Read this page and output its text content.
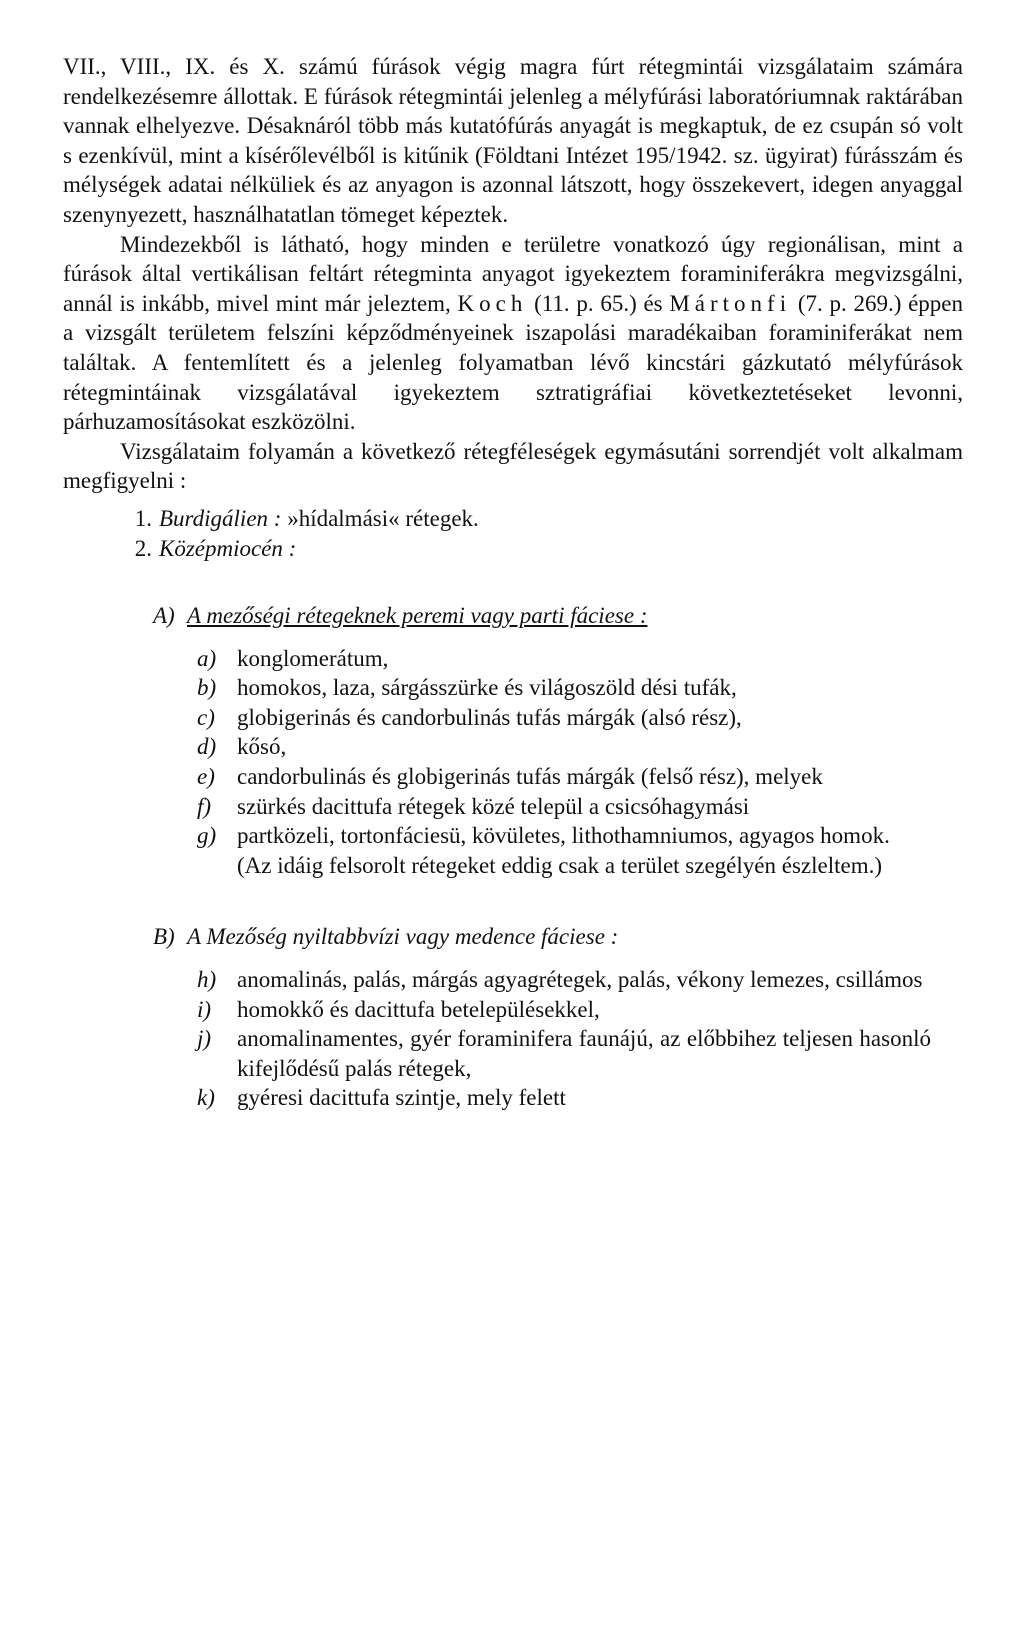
VII., VIII., IX. és X. számú fúrások végig magra fúrt rétegmintái vizsgálataim számára rendelkezésemre állottak. E fúrások rétegmintái jelenleg a mélyfúrási laboratóriumnak raktárában vannak elhelyezve. Désaknáról több más kutatófúrás anyagát is megkaptuk, de ez csupán só volt s ezenkívül, mint a kísérőlevélből is kitűnik (Földtani Intézet 195/1942. sz. ügyirat) fúrásszám és mélységek adatai nélküliek és az anyagon is azonnal látszott, hogy összekevert, idegen anyaggal szenynyezett, használhatatlan tömeget képeztek.

Mindezekből is látható, hogy minden e területre vonatkozó úgy regionálisan, mint a fúrások által vertikálisan feltárt rétegminta anyagot igyekeztem foraminiferákra megvizsgálni, annál is inkább, mivel mint már jeleztem, Koch (11. p. 65.) és Mártonfi (7. p. 269.) éppen a vizsgált területem felszíni képződményeinek iszapolási maradékaiban foraminiferákat nem találtak. A fentemlített és a jelenleg folyamatban lévő kincstári gázkutató mélyfúrások rétegmintáinak vizsgálatával igyekeztem sztratigráfiai következtetéseket levonni, párhuzamosításokat eszközölni.

Vizsgálataim folyamán a következő rétegféleségek egymásutáni sorrendjét volt alkalmam megfigyelni :

1. Burdigálien : »hídalmási« rétegek.
2. Középmiocén :
A) A mezőségi rétegeknek peremi vagy parti fáciese :
a) konglomerátum,
b) homokos, laza, sárgásszürke és világoszöld dési tufák,
c) globigerinás és candorbulinás tufás márgák (alsó rész),
d) kősó,
e) candorbulinás és globigerinás tufás márgák (felső rész), melyek
f)	szürkés dacittufa rétegek közé települ a csicsóhagymási
g) partközeli, tortonfáciesü, kövületes, lithothamniumos, agyagos homok.

(Az idáig felsorolt rétegeket eddig csak a terület szegélyén észleltem.)

B) A Mezőség nyiltabbvízi vagy medence fáciese :
h) anomalinás, palás, márgás agyagrétegek, palás, vékony lemezes, csillámos
i)	homokkő és dacittufa betelepülésekkel,
j)	anomalinamentes, gyér foraminifera faunájú, az előbbihez teljesen hasonló kifejlődésű palás rétegek,
k) gyéresi dacittufa szintje, mely felett
